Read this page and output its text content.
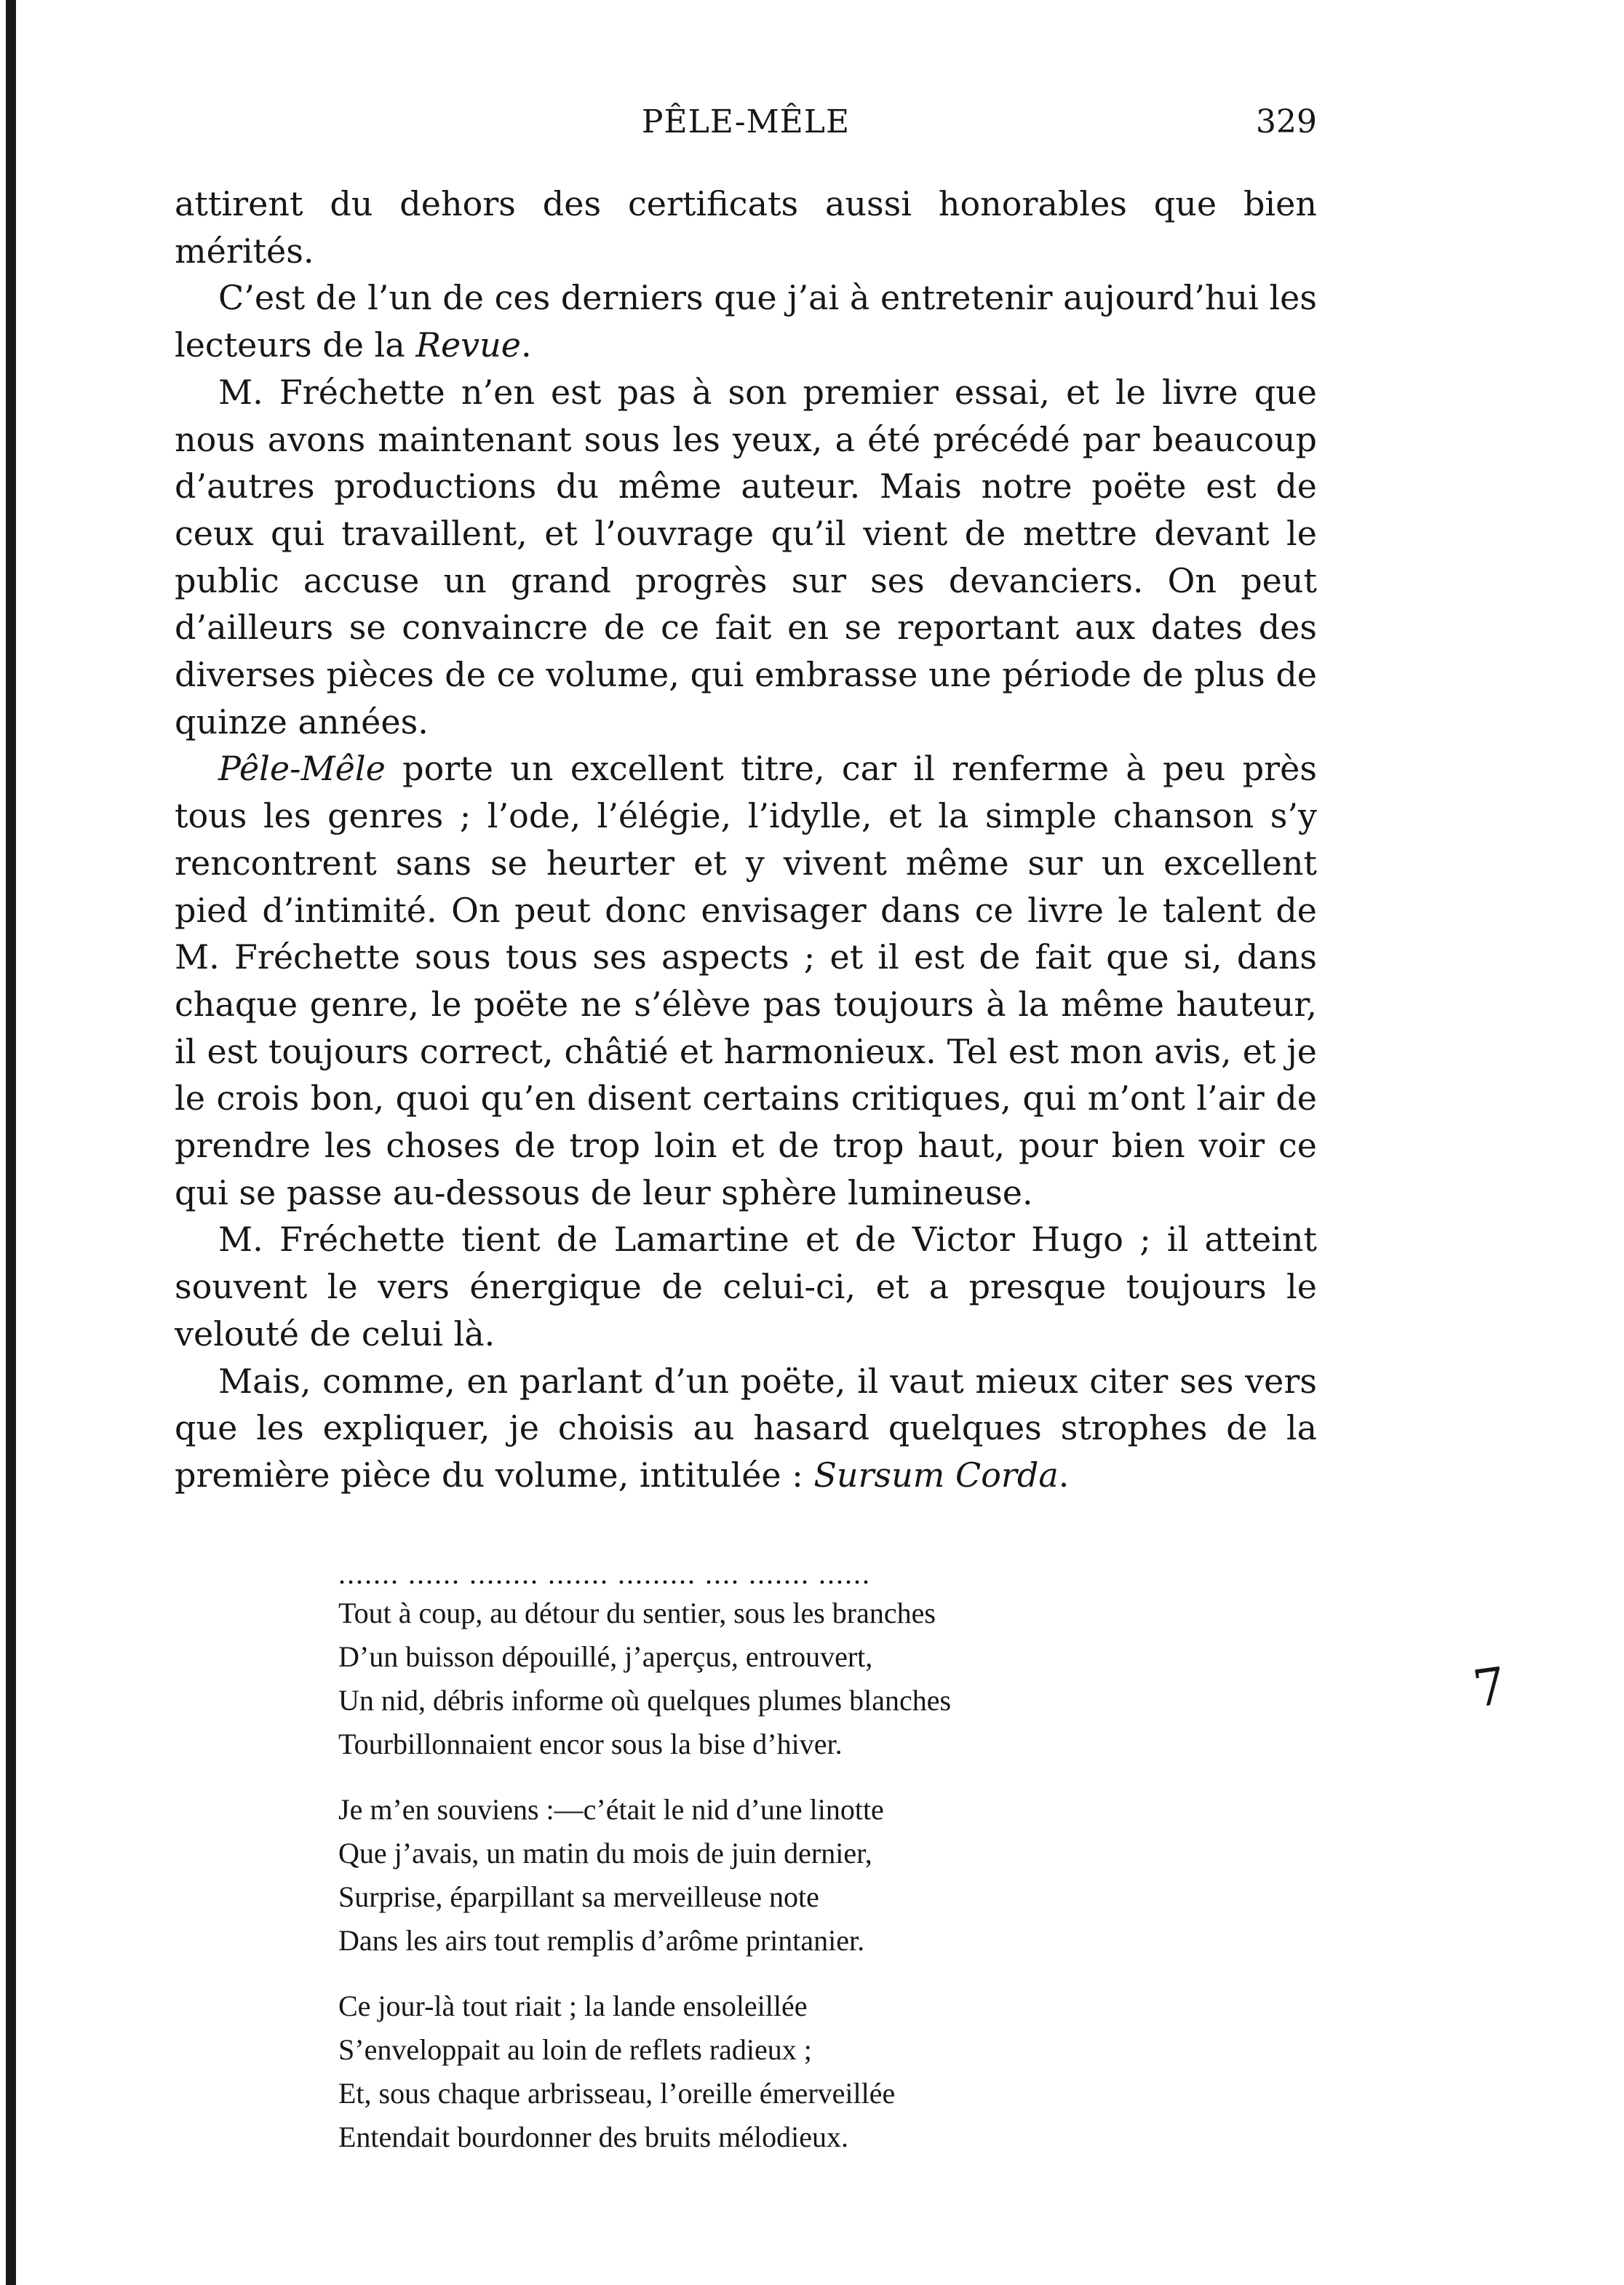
PÊLE-MÊLE	329

attirent du dehors des certificats aussi honorables que bien mérités.

C’est de l’un de ces derniers que j’ai à entretenir aujourd’hui les lecteurs de la Revue.

M. Fréchette n’en est pas à son premier essai, et le livre que nous avons maintenant sous les yeux, a été précédé par beaucoup d’autres productions du même auteur. Mais notre poëte est de ceux qui travaillent, et l’ouvrage qu’il vient de mettre devant le public accuse un grand progrès sur ses devanciers. On peut d’ailleurs se convaincre de ce fait en se reportant aux dates des diverses pièces de ce volume, qui embrasse une période de plus de quinze années.

Pêle-Mêle porte un excellent titre, car il renferme à peu près tous les genres ; l’ode, l’élégie, l’idylle, et la simple chanson s’y rencontrent sans se heurter et y vivent même sur un excellent pied d’intimité. On peut donc envisager dans ce livre le talent de M. Fréchette sous tous ses aspects ; et il est de fait que si, dans chaque genre, le poëte ne s’élève pas toujours à la même hauteur, il est toujours correct, châtié et harmonieux. Tel est mon avis, et je le crois bon, quoi qu’en disent certains critiques, qui m’ont l’air de prendre les choses de trop loin et de trop haut, pour bien voir ce qui se passe au-dessous de leur sphère lumineuse.

M. Fréchette tient de Lamartine et de Victor Hugo ; il atteint souvent le vers énergique de celui-ci, et a presque toujours le velouté de celui là.

Mais, comme, en parlant d’un poëte, il vaut mieux citer ses vers que les expliquer, je choisis au hasard quelques strophes de la première pièce du volume, intitulée : Sursum Corda.

....... ...... ........ ....... ......... .... ....... ......
Tout à coup, au détour du sentier, sous les branches
D’un buisson dépouillé, j’aperçus, entrouvert,
Un nid, débris informe où quelques plumes blanches
Tourbillonnaient encor sous la bise d’hiver.
Je m’en souviens :—c’était le nid d’une linotte
Que j’avais, un matin du mois de juin dernier,
Surprise, éparpillant sa merveilleuse note
Dans les airs tout remplis d’arôme printanier.
Ce jour-là tout riait ; la lande ensoleillée
S’enveloppait au loin de reflets radieux ;
Et, sous chaque arbrisseau, l’oreille émerveillée
Entendait bourdonner des bruits mélodieux.
7
